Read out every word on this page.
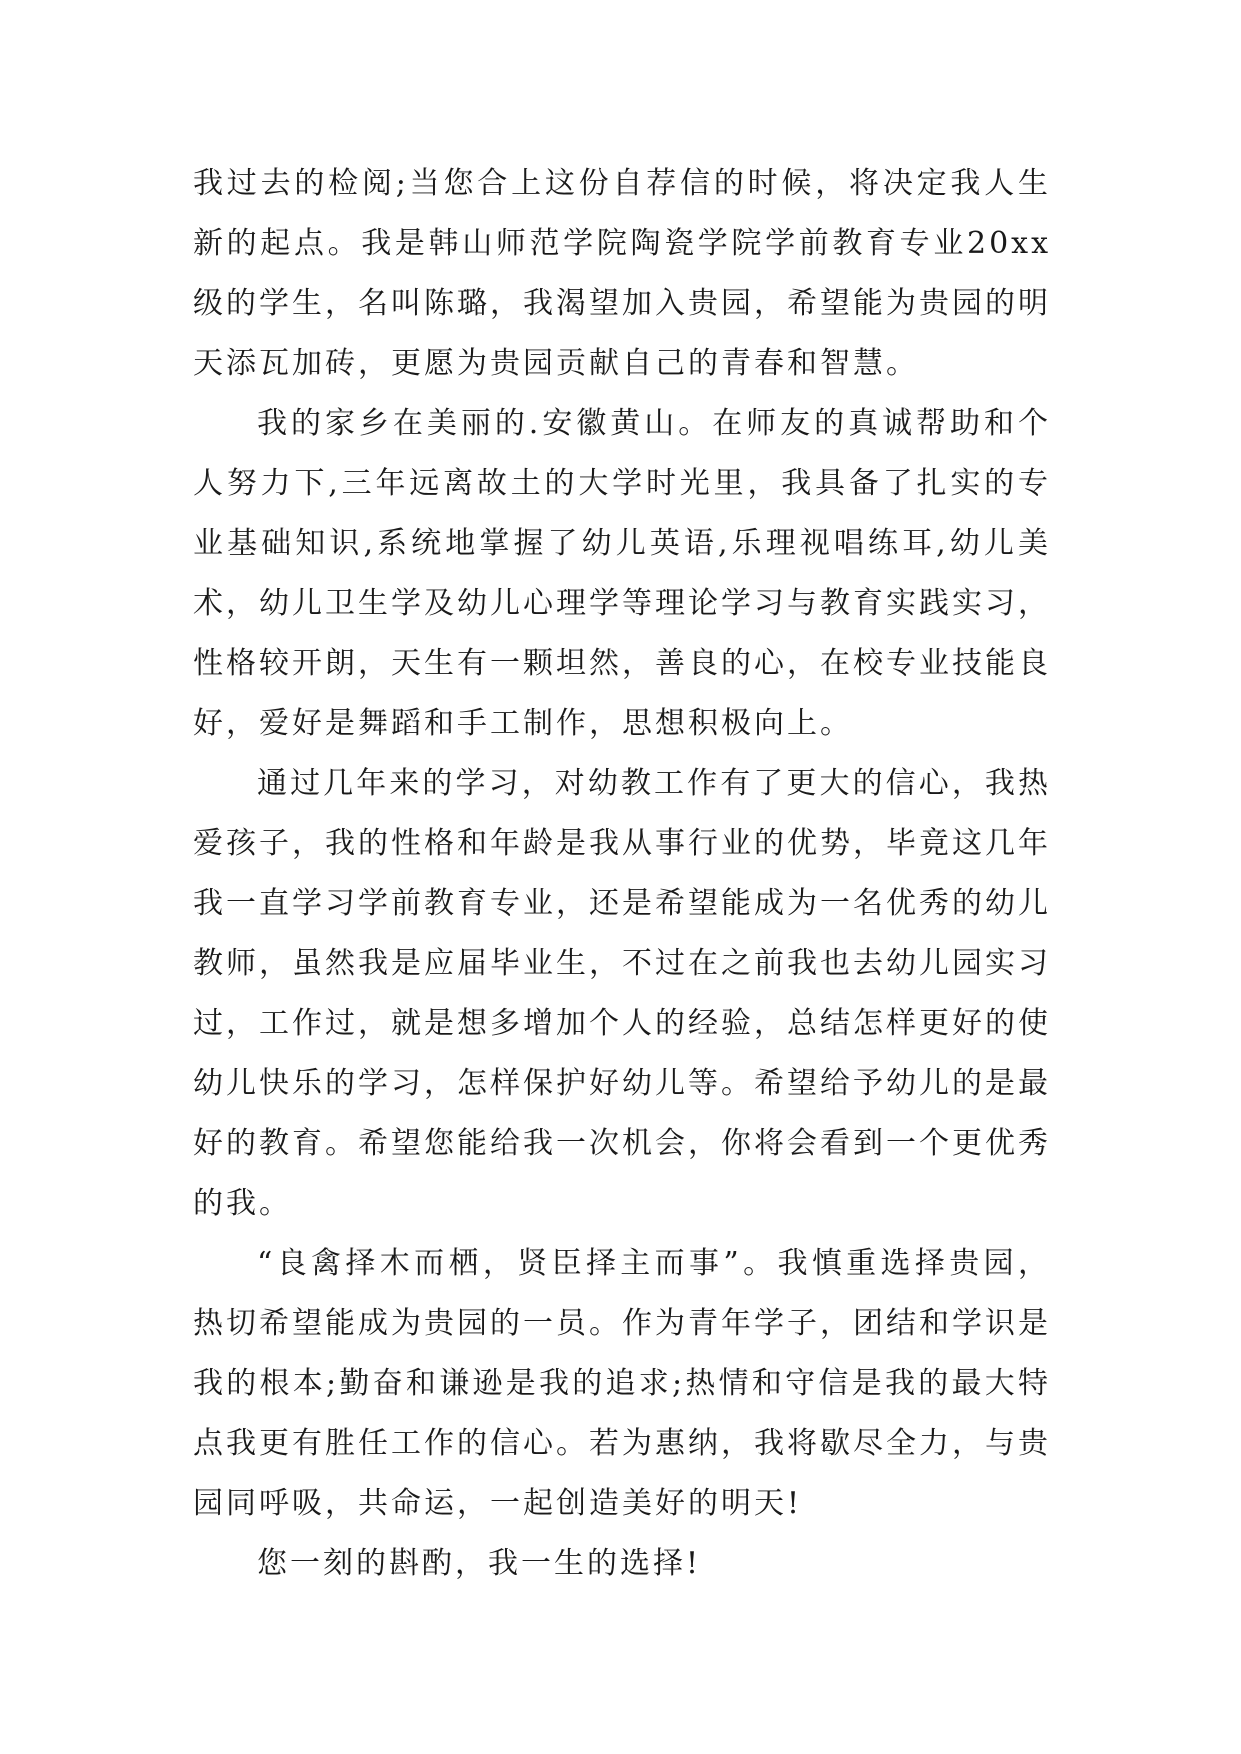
我过去的检阅;当您合上这份自荐信的时候，将决定我人生新的起点。我是韩山师范学院陶瓷学院学前教育专业20xx级的学生，名叫陈璐，我渴望加入贵园，希望能为贵园的明天添瓦加砖，更愿为贵园贡献自己的青春和智慧。

我的家乡在美丽的.安徽黄山。在师友的真诚帮助和个人努力下,三年远离故土的大学时光里，我具备了扎实的专业基础知识,系统地掌握了幼儿英语,乐理视唱练耳,幼儿美术，幼儿卫生学及幼儿心理学等理论学习与教育实践实习，性格较开朗，天生有一颗坦然，善良的心，在校专业技能良好，爱好是舞蹈和手工制作，思想积极向上。

通过几年来的学习，对幼教工作有了更大的信心，我热爱孩子，我的性格和年龄是我从事行业的优势，毕竟这几年我一直学习学前教育专业，还是希望能成为一名优秀的幼儿教师，虽然我是应届毕业生，不过在之前我也去幼儿园实习过，工作过，就是想多增加个人的经验，总结怎样更好的使幼儿快乐的学习，怎样保护好幼儿等。希望给予幼儿的是最好的教育。希望您能给我一次机会，你将会看到一个更优秀的我。

“良禽择木而栖，贤臣择主而事”。我慎重选择贵园，热切希望能成为贵园的一员。作为青年学子，团结和学识是我的根本;勤奋和谦逊是我的追求;热情和守信是我的最大特点我更有胜任工作的信心。若为惠纳，我将歇尽全力，与贵园同呼吸，共命运，一起创造美好的明天!

您一刻的斟酌，我一生的选择!
